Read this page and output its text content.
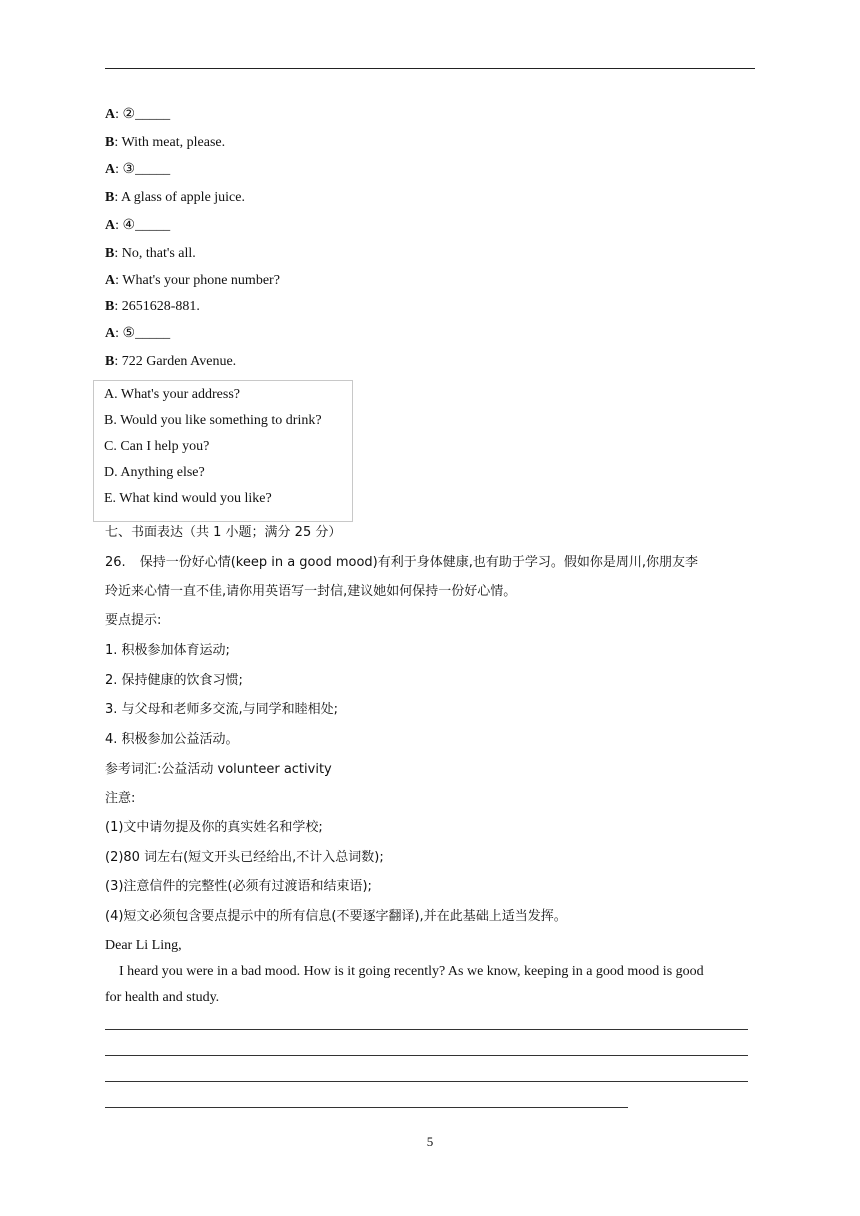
A: ②_____
B: With meat, please.
A: ③_____
B: A glass of apple juice.
A: ④_____
B: No, that's all.
A: What's your phone number?
B: 2651628-881.
A: ⑤_____
B: 722 Garden Avenue.
A. What's your address?
B. Would you like something to drink?
C. Can I help you?
D. Anything else?
E. What kind would you like?
七、书面表达（共 1 小题；满分 25 分）
26. 保持一份好心情(keep in a good mood)有利于身体健康,也有助于学习。假如你是周川,你朋友李
玲近来心情一直不佳,请你用英语写一封信,建议她如何保持一份好心情。
要点提示:
1. 积极参加体育运动;
2. 保持健康的饮食习惯;
3. 与父母和老师多交流,与同学和睦相处;
4. 积极参加公益活动。
参考词汇:公益活动 volunteer activity
注意:
(1)文中请勿提及你的真实姓名和学校;
(2)80 词左右(短文开头已经给出,不计入总词数);
(3)注意信件的完整性(必须有过渡语和结束语);
(4)短文必须包含要点提示中的所有信息(不要逐字翻译),并在此基础上适当发挥。
Dear Li Ling,
I heard you were in a bad mood. How is it going recently? As we know, keeping in a good mood is good
for health and study.
5
